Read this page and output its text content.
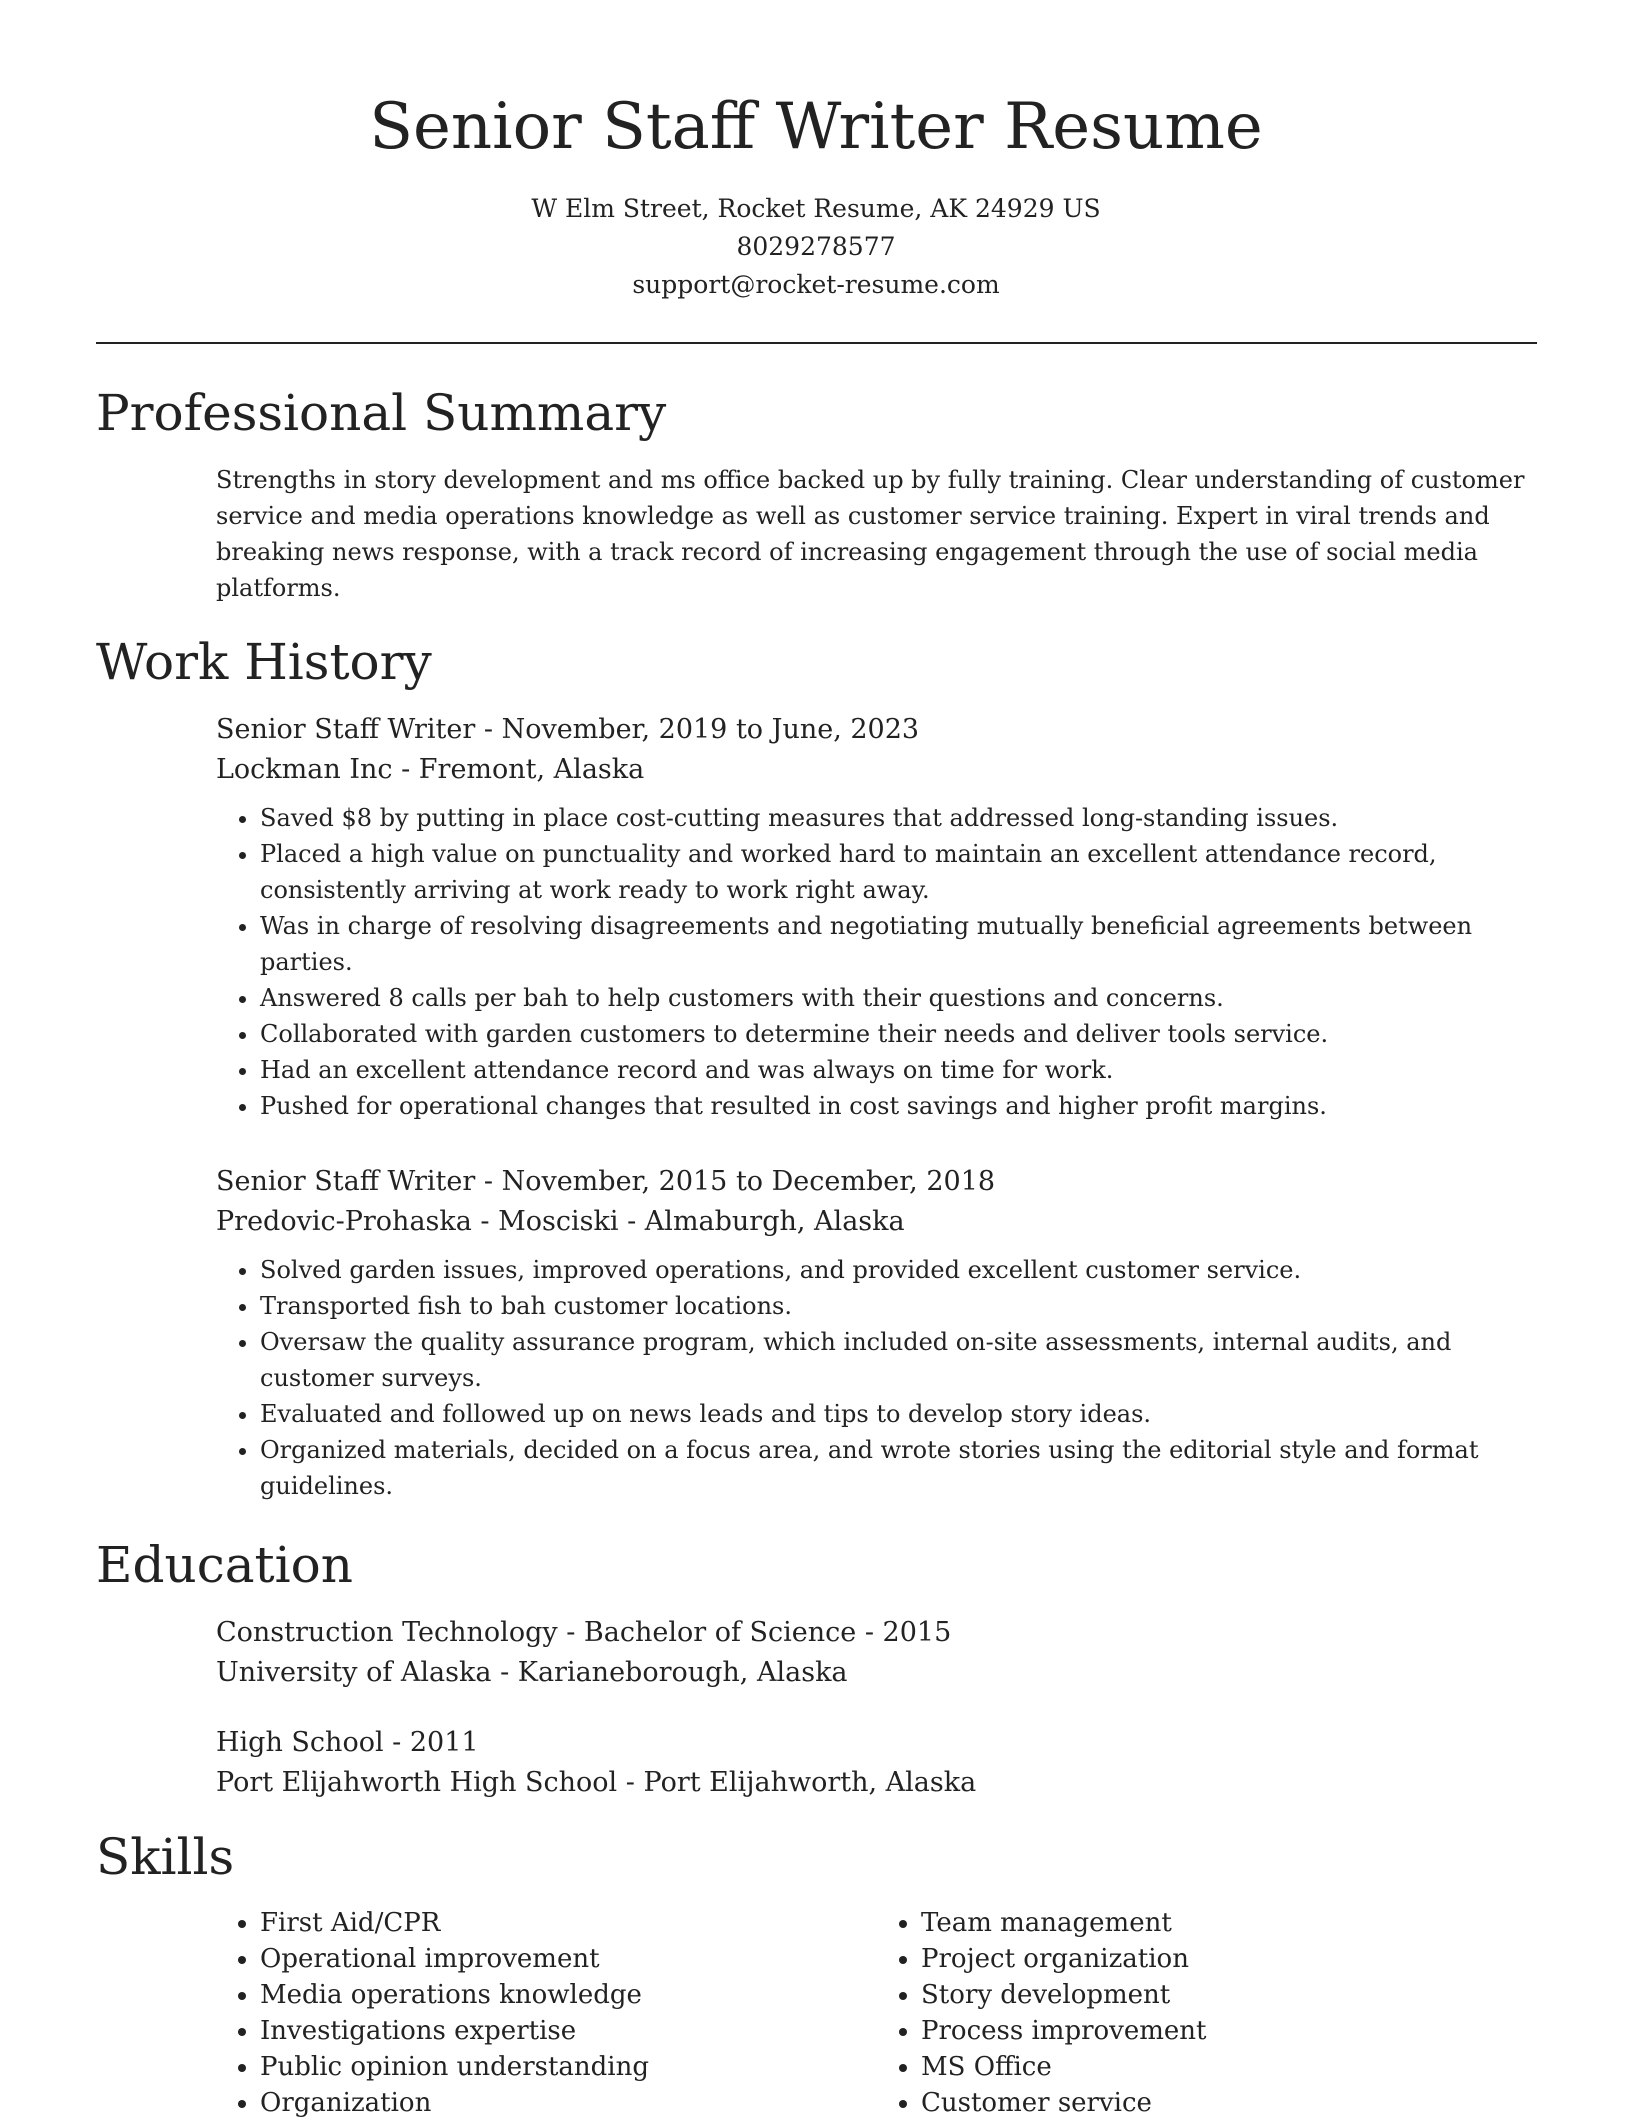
Senior Staff Writer Resume
W Elm Street, Rocket Resume, AK 24929 US
8029278577
support@rocket-resume.com
Professional Summary

Strengths in story development and ms office backed up by fully training. Clear understanding of customer service and media operations knowledge as well as customer service training. Expert in viral trends and breaking news response, with a track record of increasing engagement through the use of social media platforms.

Work History

Senior Staff Writer - November, 2019 to June, 2023

Lockman Inc - Fremont, Alaska

• Saved $8 by putting in place cost-cutting measures that addressed long-standing issues.
• Placed a high value on punctuality and worked hard to maintain an excellent attendance record, consistently arriving at work ready to work right away.
• Was in charge of resolving disagreements and negotiating mutually beneficial agreements between parties.
• Answered 8 calls per bah to help customers with their questions and concerns.
• Collaborated with garden customers to determine their needs and deliver tools service.
• Had an excellent attendance record and was always on time for work.
• Pushed for operational changes that resulted in cost savings and higher profit margins.

Senior Staff Writer - November, 2015 to December, 2018

Predovic-Prohaska - Mosciski - Almaburgh, Alaska

• Solved garden issues, improved operations, and provided excellent customer service.
• Transported fish to bah customer locations.
• Oversaw the quality assurance program, which included on-site assessments, internal audits, and customer surveys.
• Evaluated and followed up on news leads and tips to develop story ideas.
• Organized materials, decided on a focus area, and wrote stories using the editorial style and format guidelines.
Education

Construction Technology - Bachelor of Science - 2015

University of Alaska - Karianeborough, Alaska

High School - 2011

Port Elijahworth High School - Port Elijahworth, Alaska

Skills
• First Aid/CPR
• Operational improvement
• Media operations knowledge
• Investigations expertise
• Public opinion understanding
• Organization
• Team management
• Project organization
• Story development
• Process improvement
• MS Office
• Customer service
